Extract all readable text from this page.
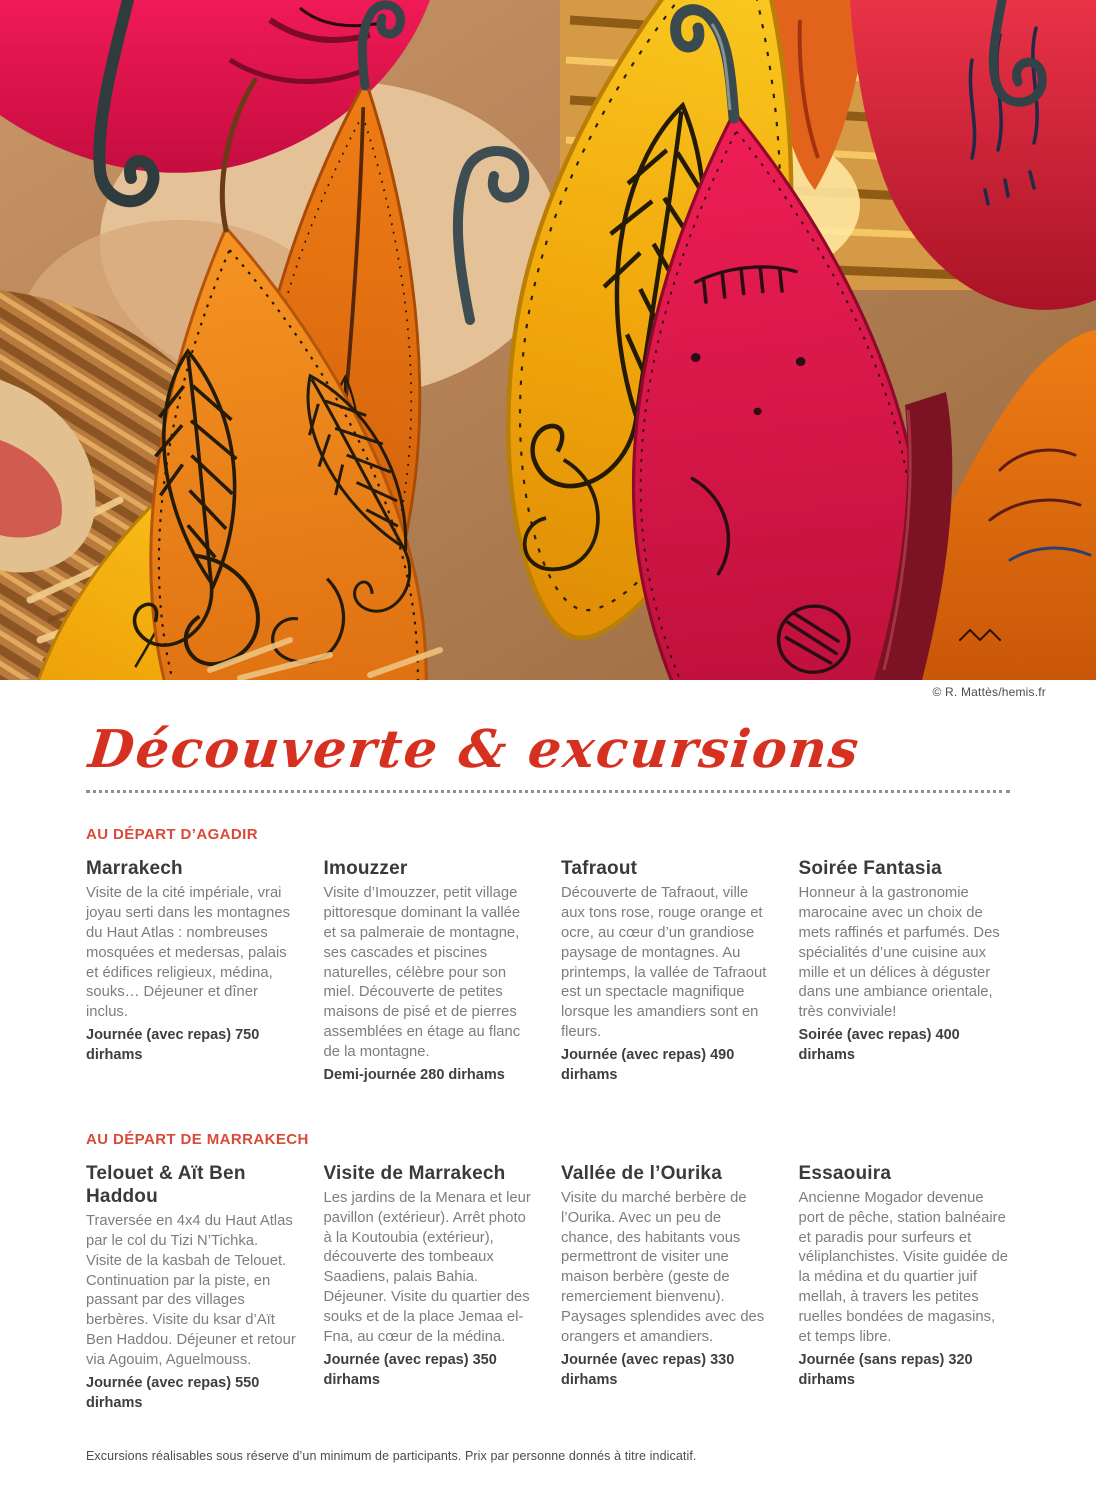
© R. Mattès/hemis.fr
Découverte & excursions
AU DÉPART D’AGADIR
Marrakech

Visite de la cité impériale, vrai joyau serti dans les montagnes du Haut Atlas : nombreuses mosquées et medersas, palais et édifices religieux, médina, souks… Déjeuner et dîner inclus.

Journée (avec repas) 750 dirhams

Imouzzer

Visite d’Imouzzer, petit village pittoresque dominant la vallée et sa palmeraie de montagne, ses cascades et piscines naturelles, célèbre pour son miel. Découverte de petites maisons de pisé et de pierres assemblées en étage au flanc de la montagne.

Demi-journée 280 dirhams

Tafraout

Découverte de Tafraout, ville aux tons rose, rouge orange et ocre, au cœur d’un grandiose paysage de montagnes. Au printemps, la vallée de Tafraout est un spectacle magnifique lorsque les amandiers sont en fleurs.

Journée (avec repas) 490 dirhams

Soirée Fantasia

Honneur à la gastronomie marocaine avec un choix de mets raffinés et parfumés. Des spécialités d’une cuisine aux mille et un délices à déguster dans une ambiance orientale, très conviviale!

Soirée (avec repas) 400 dirhams

AU DÉPART DE MARRAKECH
Telouet & Aït Ben Haddou

Traversée en 4x4 du Haut Atlas par le col du Tizi N’Tichka. Visite de la kasbah de Telouet. Continuation par la piste, en passant par des villages berbères. Visite du ksar d’Aït Ben Haddou. Déjeuner et retour via Agouim, Aguelmouss.

Journée (avec repas) 550 dirhams

Visite de Marrakech

Les jardins de la Menara et leur pavillon (extérieur). Arrêt photo à la Koutoubia (extérieur), découverte des tombeaux Saadiens, palais Bahia. Déjeuner. Visite du quartier des souks et de la place Jemaa el-Fna, au cœur de la médina.

Journée (avec repas) 350 dirhams

Vallée de l’Ourika

Visite du marché berbère de l’Ourika. Avec un peu de chance, des habitants vous permettront de visiter une maison berbère (geste de remerciement bienvenu). Paysages splendides avec des orangers et amandiers.

Journée (avec repas) 330 dirhams

Essaouira

Ancienne Mogador devenue port de pêche, station balnéaire et paradis pour surfeurs et véliplanchistes. Visite guidée de la médina et du quartier juif mellah, à travers les petites ruelles bondées de magasins, et temps libre.

Journée (sans repas) 320 dirhams

Excursions réalisables sous réserve d’un minimum de participants. Prix par personne donnés à titre indicatif.
